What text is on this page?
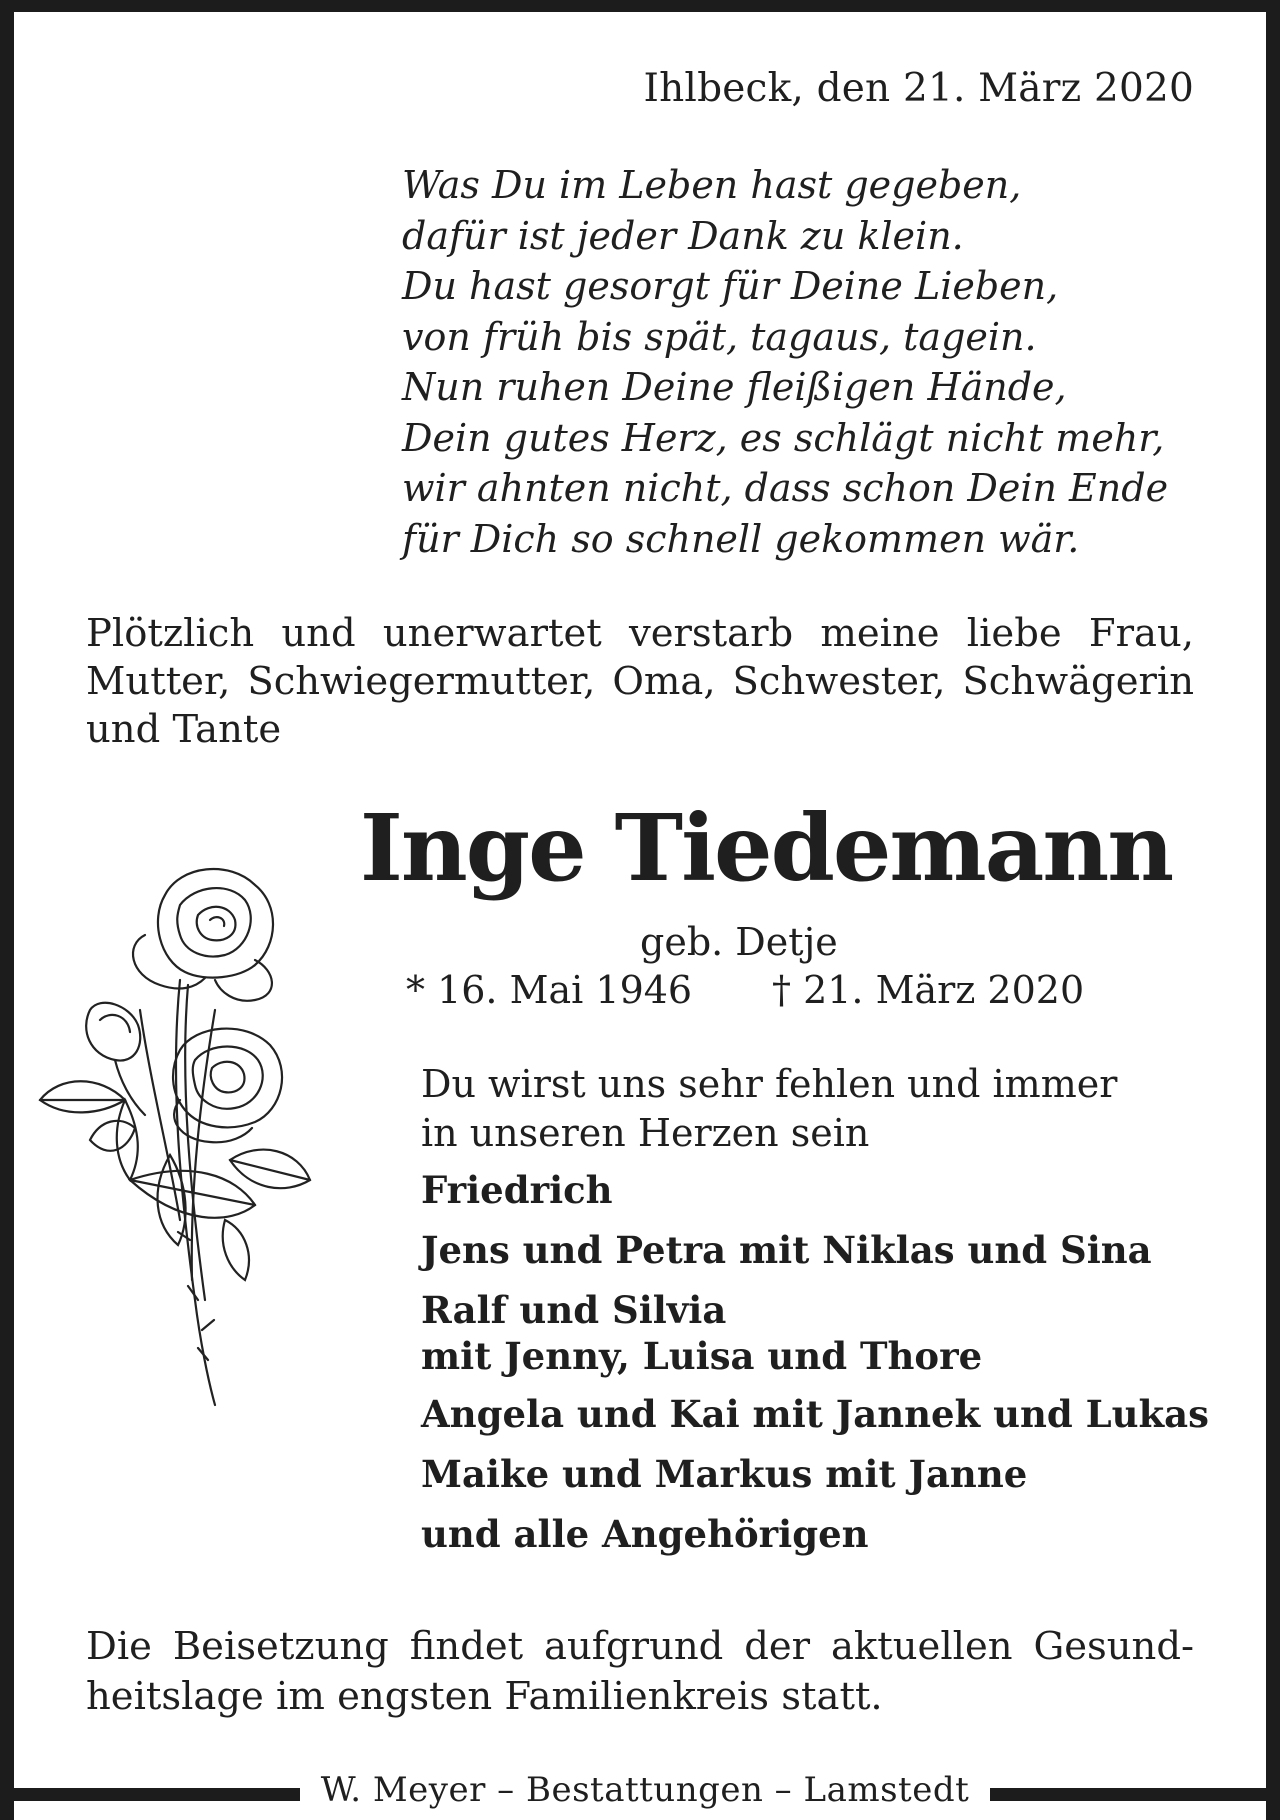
Ihlbeck, den 21. März 2020
Was Du im Leben hast gegeben,
dafür ist jeder Dank zu klein.
Du hast gesorgt für Deine Lieben,
von früh bis spät, tagaus, tagein.
Nun ruhen Deine fleißigen Hände,
Dein gutes Herz, es schlägt nicht mehr,
wir ahnten nicht, dass schon Dein Ende
für Dich so schnell gekommen wär.
Plötzlich und unerwartet verstarb meine liebe Frau,
Mutter, Schwiegermutter, Oma, Schwester, Schwägerin
und Tante
Inge Tiedemann
geb. Detje
* 16. Mai 1946 † 21. März 2020
Du wirst uns sehr fehlen und immer
in unseren Herzen sein
Friedrich
Jens und Petra mit Niklas und Sina
Ralf und Silvia
mit Jenny, Luisa und Thore
Angela und Kai mit Jannek und Lukas
Maike und Markus mit Janne
und alle Angehörigen
Die Beisetzung findet aufgrund der aktuellen Gesund-
heitslage im engsten Familienkreis statt.
W. Meyer – Bestattungen – Lamstedt
